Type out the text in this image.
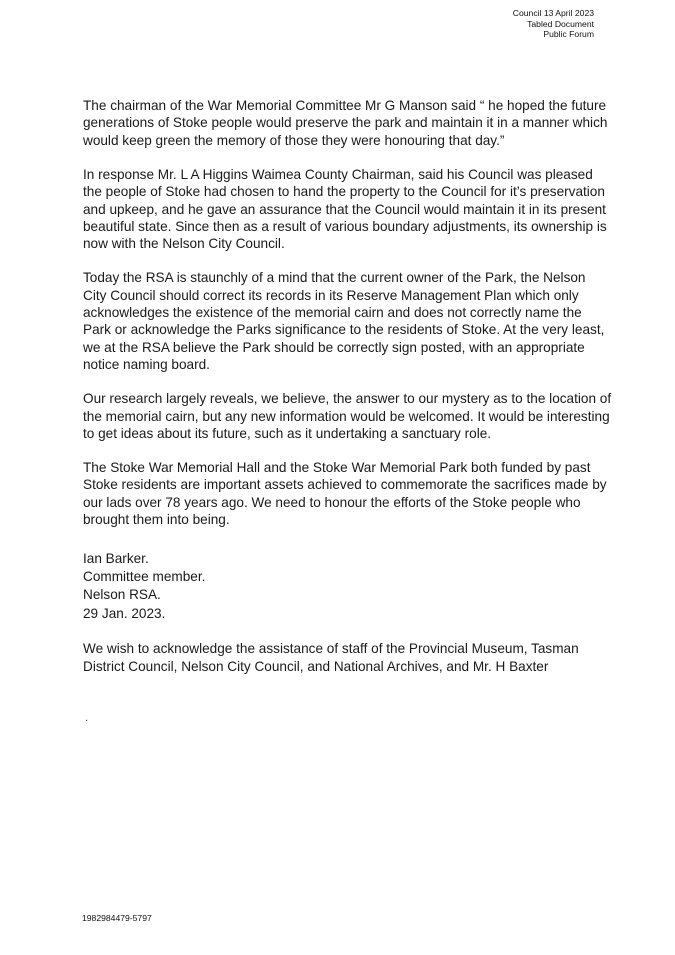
Council 13 April 2023
Tabled Document
Public Forum

The chairman of the War Memorial Committee Mr G Manson said “ he hoped the future
generations of Stoke people would preserve the park and maintain it in a manner which
would keep green the memory of those they were honouring that day.”

In response Mr. L A Higgins Waimea County Chairman, said his Council was pleased
the people of Stoke had chosen to hand the property to the Council for it’s preservation
and upkeep, and he gave an assurance that the Council would maintain it in its present
beautiful state. Since then as a result of various boundary adjustments, its ownership is
now with the Nelson City Council.

Today the RSA is staunchly of a mind that the current owner of the Park, the Nelson
City Council should correct its records in its Reserve Management Plan which only
acknowledges the existence of the memorial cairn and does not correctly name the
Park or acknowledge the Parks significance to the residents of Stoke. At the very least,
we at the RSA believe the Park should be correctly sign posted, with an appropriate
notice naming board.

Our research largely reveals, we believe, the answer to our mystery as to the location of
the memorial cairn, but any new information would be welcomed. It would be interesting
to get ideas about its future, such as it undertaking a sanctuary role.

The Stoke War Memorial Hall and the Stoke War Memorial Park both funded by past
Stoke residents are important assets achieved to commemorate the sacrifices made by
our lads over 78 years ago. We need to honour the efforts of the Stoke people who
brought them into being.

Ian Barker.
Committee member.
Nelson RSA.
29 Jan. 2023.

We wish to acknowledge the assistance of staff of the Provincial Museum, Tasman
District Council, Nelson City Council, and National Archives, and Mr. H Baxter

.
1982984479-5797
